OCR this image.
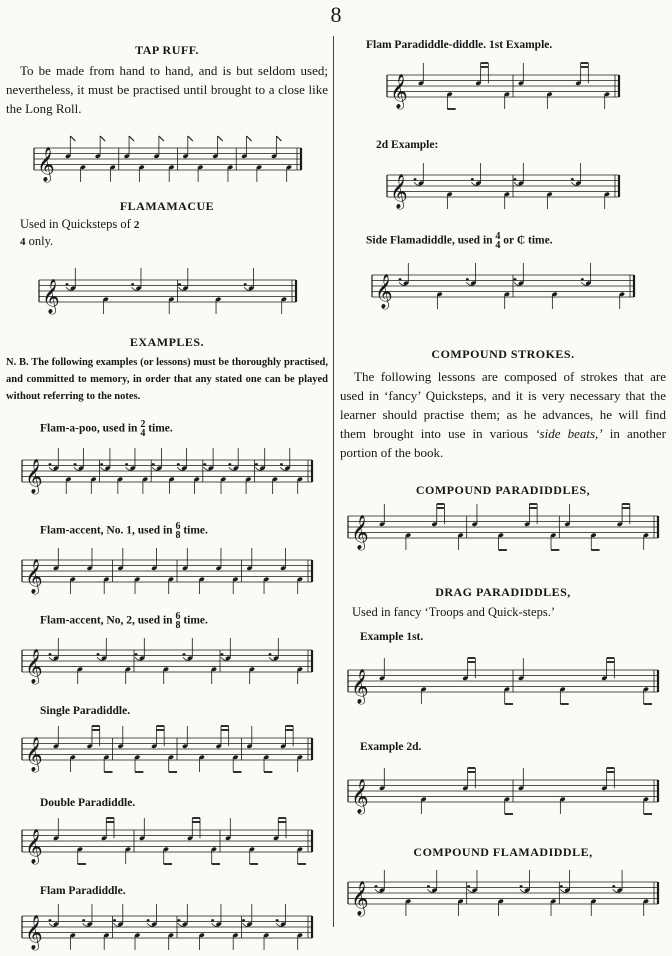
8

TAP RUFF.

To be made from hand to hand, and is but seldom used; nevertheless, it must be practised until brought to a close like the Long Roll.

𝄞

FLAMAMACUE

Used in Quicksteps of 2
4 only.

𝄞

EXAMPLES.

N. B. The following examples (or lessons) must be thoroughly practised, and committed to memory, in order that any stated one can be played without referring to the notes.

Flam-a-poo, used in 2
4 time.

𝄞

Flam-accent, No. 1, used in 6
8 time.

𝄞

Flam-accent, No, 2, used in 6
8 time.

𝄞

Single Paradiddle.

𝄞

Double Paradiddle.

𝄞

Flam Paradiddle.

𝄞

Flam Paradiddle-diddle. 1st Example.

𝄞

2d Example:

𝄞

Side Flamadiddle, used in 4
4 or ₵ time.

𝄞

COMPOUND STROKES.

The following lessons are composed of strokes that are used in ‘fancy’ Quicksteps, and it is very necessary that the learner should practise them; as he advances, he will find them brought into use in various ‘side beats,’ in another portion of the book.

COMPOUND PARADIDDLES,

𝄞

DRAG PARADIDDLES,

Used in fancy ‘Troops and Quick-steps.’

Example 1st.

𝄞

Example 2d.

𝄞

COMPOUND FLAMADIDDLE,

𝄞
